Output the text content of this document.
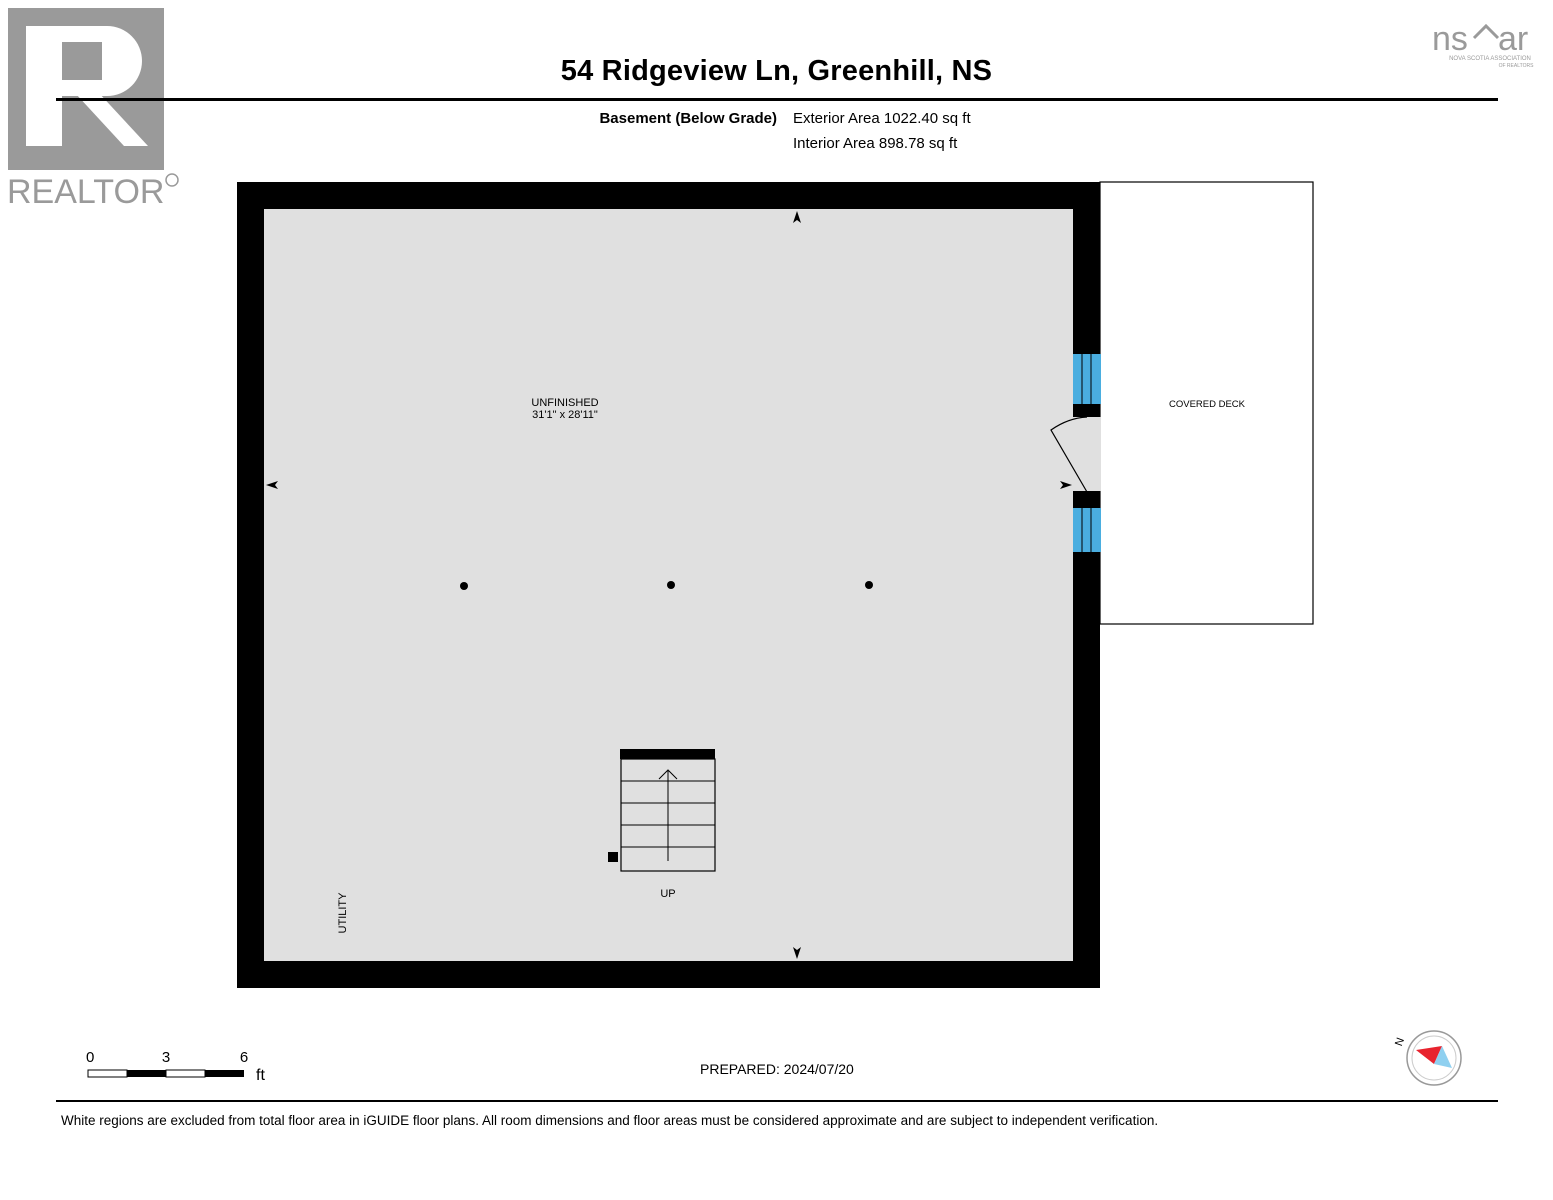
REALTOR
ns ar
NOVA SCOTIA ASSOCIATION
OF REALTORS
54 Ridgeview Ln, Greenhill, NS
Basement (Below Grade) Exterior Area 1022.40 sq ft
Interior Area 898.78 sq ft
UNFINISHED
31'1" x 28'11"
COVERED DECK
UP
UTILITY
0	3	6
ft	PREPARED: 2024/07/20
N
White regions are excluded from total floor area in iGUIDE floor plans. All room dimensions and floor areas must be considered approximate and are subject to independent verification.
